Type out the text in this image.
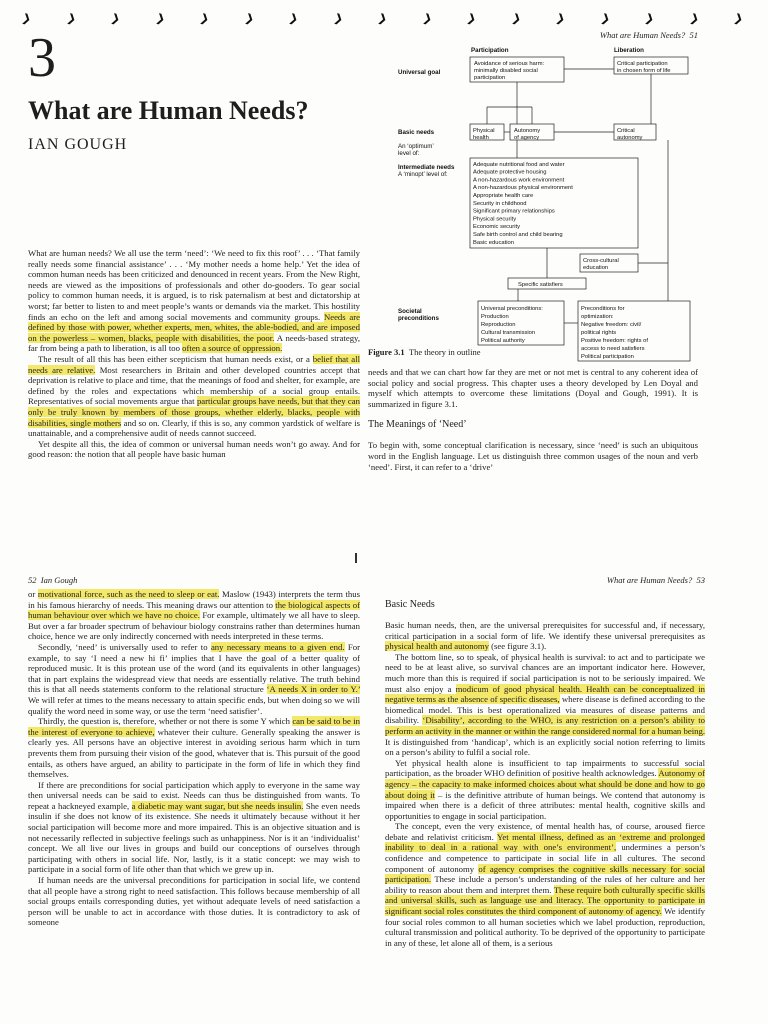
❯	❯	❯	❯	❯	❯	❯	❯	❯	❯	❯	❯	❯	❯	❯	❯	❯
3
What are Human Needs?
IAN GOUGH

What are human needs? We all use the term ‘need’: ‘We need to fix this roof’ . . . ‘That family really needs some financial assistance’ . . . ‘My mother needs a home help.’ Yet the idea of common human needs has been criticized and denounced in recent years. From the New Right, needs are viewed as the impositions of professionals and other do-gooders. To gear social policy to common human needs, it is argued, is to risk paternalism at best and dictatorship at worst; far better to listen to and meet people’s wants or demands via the market. This hostility finds an echo on the left and among social movements and community groups. Needs are defined by those with power, whether experts, men, whites, the able-bodied, and are imposed on the powerless – women, blacks, people with disabilities, the poor. A needs-based strategy, far from being a path to liberation, is all too often a source of oppression.

The result of all this has been either scepticism that human needs exist, or a belief that all needs are relative. Most researchers in Britain and other developed countries accept that deprivation is relative to place and time, that the meanings of food and shelter, for example, are defined by the roles and expectations which membership of a social group entails. Representatives of social movements argue that particular groups have needs, but that they can only be truly known by members of those groups, whether elderly, blacks, people with disabilities, single mothers and so on. Clearly, if this is so, any common yardstick of welfare is unattainable, and a comprehensive audit of needs cannot succeed.

Yet despite all this, the idea of common or universal human needs won’t go away. And for good reason: the notion that all people have basic human

What are Human Needs? 51
Participation	Liberation
Universal goal
Basic needs
An ‘optimum’ level of:
Intermediate needs
A ‘minopt’ level of:
Societal preconditions
Avoidance of serious harm: minimally disabled social participation
Critical participation in chosen form of life
Physical health
Autonomy of agency
Critical autonomy
Adequate nutritional food and water Adequate protective housing A non-hazardous work environment A non-hazardous physical environment Appropriate health care Security in childhood Significant primary relationships Physical security Economic security Safe birth control and child bearing Basic education
Cross-cultural education
Specific satisfiers
Universal preconditions: Production Reproduction Cultural transmission Political authority
Preconditions for optimization: Negative freedom: civil/ political rights Positive freedom: rights of access to need satisfiers Political participation
Figure 3.1 The theory in outline

needs and that we can chart how far they are met or not met is central to any coherent idea of social policy and social progress. This chapter uses a theory developed by Len Doyal and myself which attempts to overcome these limitations (Doyal and Gough, 1991). It is summarized in figure 3.1.

The Meanings of ‘Need’

To begin with, some conceptual clarification is necessary, since ‘need’ is such an ubiquitous word in the English language. Let us distinguish three common usages of the noun and verb ‘need’. First, it can refer to a ‘drive’

52 Ian Gough

or motivational force, such as the need to sleep or eat. Maslow (1943) interprets the term thus in his famous hierarchy of needs. This meaning draws our attention to the biological aspects of human behaviour over which we have no choice. For example, ultimately we all have to sleep. But over a far broader spectrum of behaviour biology constrains rather than determines human choice, hence we are only indirectly concerned with needs interpreted in these terms.

Secondly, ‘need’ is universally used to refer to any necessary means to a given end. For example, to say ‘I need a new hi fi’ implies that I have the goal of a better quality of reproduced music. It is this protean use of the word (and its equivalents in other languages) that in part explains the widespread view that needs are essentially relative. The truth behind this is that all needs statements conform to the relational structure ‘A needs X in order to Y.’ We will refer at times to the means necessary to attain specific ends, but when doing so we will qualify the word need in some way, or use the term ‘need satisfier’.

Thirdly, the question is, therefore, whether or not there is some Y which can be said to be in the interest of everyone to achieve, whatever their culture. Generally speaking the answer is clearly yes. All persons have an objective interest in avoiding serious harm which in turn prevents them from pursuing their vision of the good, whatever that is. This pursuit of the good entails, as others have argued, an ability to participate in the form of life in which they find themselves.

If there are preconditions for social participation which apply to everyone in the same way then universal needs can be said to exist. Needs can thus be distinguished from wants. To repeat a hackneyed example, a diabetic may want sugar, but she needs insulin. She even needs insulin if she does not know of its existence. She needs it ultimately because without it her social participation will become more and more impaired. This is an objective situation and is not necessarily reflected in subjective feelings such as unhappiness. Nor is it an ‘individualist’ concept. We all live our lives in groups and build our conceptions of ourselves through participating with others in social life. Nor, lastly, is it a static concept: we may wish to participate in a social form of life other than that which we grew up in.

If human needs are the universal preconditions for participation in social life, we contend that all people have a strong right to need satisfaction. This follows because membership of all social groups entails corresponding duties, yet without adequate levels of need satisfaction a person will be unable to act in accordance with those duties. It is contradictory to ask of someone

What are Human Needs? 53
Basic Needs

Basic human needs, then, are the universal prerequisites for successful and, if necessary, critical participation in a social form of life. We identify these universal prerequisites as physical health and autonomy (see figure 3.1).

The bottom line, so to speak, of physical health is survival: to act and to participate we need to be at least alive, so survival chances are an important indicator here. However, much more than this is required if social participation is not to be seriously impaired. We must also enjoy a modicum of good physical health. Health can be conceptualized in negative terms as the absence of specific diseases, where disease is defined according to the biomedical model. This is best operationalized via measures of disease patterns and disability. ‘Disability’, according to the WHO, is any restriction on a person’s ability to perform an activity in the manner or within the range considered normal for a human being. It is distinguished from ‘handicap’, which is an explicitly social notion referring to limits on a person’s ability to fulfil a social role.

Yet physical health alone is insufficient to tap impairments to successful social participation, as the broader WHO definition of positive health acknowledges. Autonomy of agency – the capacity to make informed choices about what should be done and how to go about doing it – is the definitive attribute of human beings. We contend that autonomy is impaired when there is a deficit of three attributes: mental health, cognitive skills and opportunities to engage in social participation.

The concept, even the very existence, of mental health has, of course, aroused fierce debate and relativist criticism. Yet mental illness, defined as an ‘extreme and prolonged inability to deal in a rational way with one’s environment’, undermines a person’s confidence and competence to participate in social life in all cultures. The second component of autonomy of agency comprises the cognitive skills necessary for social participation. These include a person’s understanding of the rules of her culture and her ability to reason about them and interpret them. These require both culturally specific skills and universal skills, such as language use and literacy. The opportunity to participate in significant social roles constitutes the third component of autonomy of agency. We identify four social roles common to all human societies which we label production, reproduction, cultural transmission and political authority. To be deprived of the opportunity to participate in any of these, let alone all of them, is a serious
